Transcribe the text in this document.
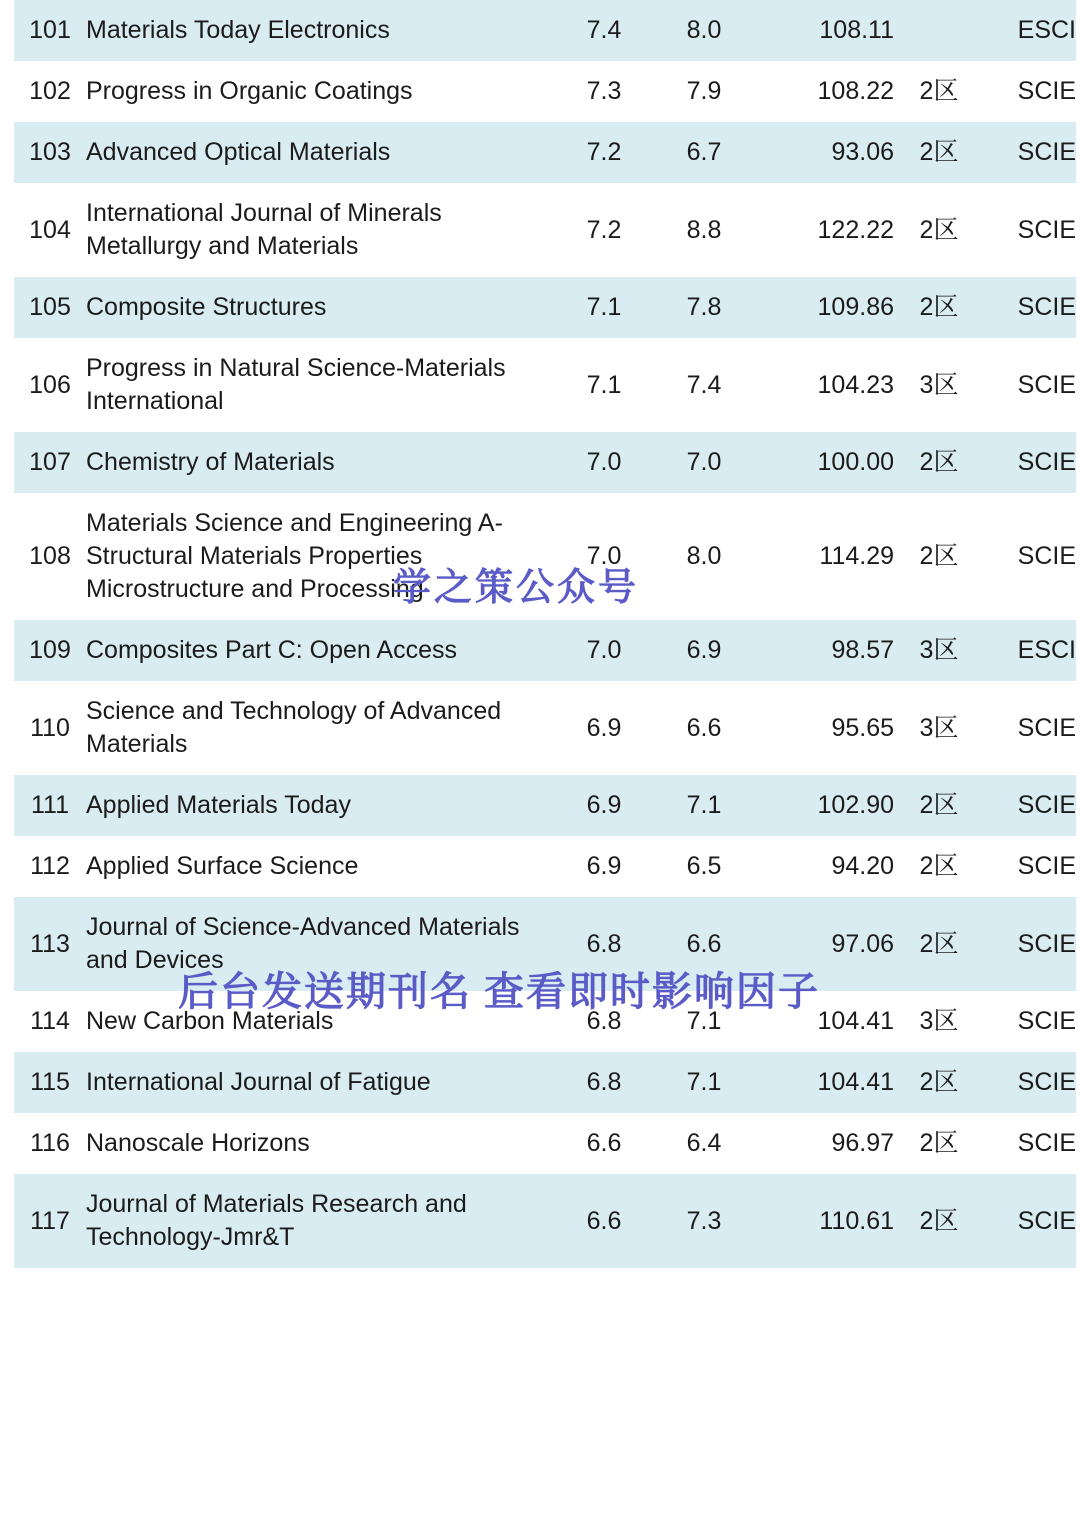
101	Materials Today Electronics	7.4	8.0	108.11		ESCI
102	Progress in Organic Coatings	7.3	7.9	108.22	2区	SCIE
103	Advanced Optical Materials	7.2	6.7	93.06	2区	SCIE
104	International Journal of Minerals Metallurgy and Materials	7.2	8.8	122.22	2区	SCIE
105	Composite Structures	7.1	7.8	109.86	2区	SCIE
106	Progress in Natural Science-Materials International	7.1	7.4	104.23	3区	SCIE
107	Chemistry of Materials	7.0	7.0	100.00	2区	SCIE
108	Materials Science and Engineering A-Structural Materials Properties Microstructure and Processing	7.0	8.0	114.29	2区	SCIE
109	Composites Part C: Open Access	7.0	6.9	98.57	3区	ESCI
110	Science and Technology of Advanced Materials	6.9	6.6	95.65	3区	SCIE
111	Applied Materials Today	6.9	7.1	102.90	2区	SCIE
112	Applied Surface Science	6.9	6.5	94.20	2区	SCIE
113	Journal of Science-Advanced Materials and Devices	6.8	6.6	97.06	2区	SCIE
114	New Carbon Materials	6.8	7.1	104.41	3区	SCIE
115	International Journal of Fatigue	6.8	7.1	104.41	2区	SCIE
116	Nanoscale Horizons	6.6	6.4	96.97	2区	SCIE
117	Journal of Materials Research and Technology-Jmr&T	6.6	7.3	110.61	2区	SCIE
学之策公众号
后台发送期刊名 查看即时影响因子
